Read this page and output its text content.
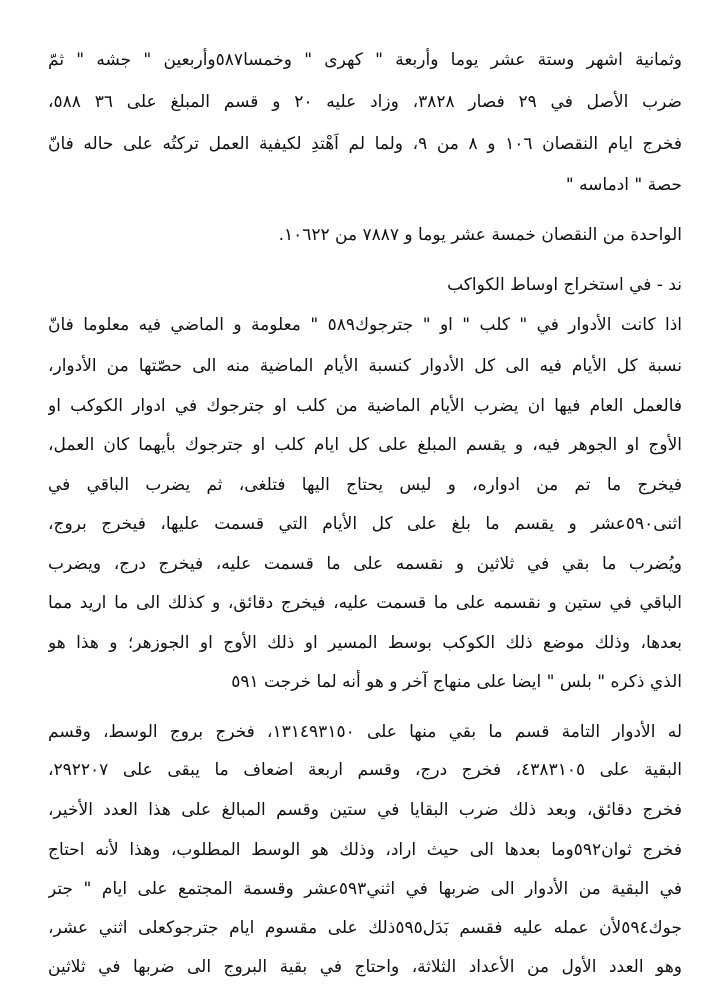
وثمانية اشهر وستة عشر يوما وأربعة " كهرى " وخمسا٥٨٧وأربعين " جشه " ثمّ
ضرب الأصل في ٢٩ فصار ٣٨٢٨، وزاد عليه ٢٠ و قسم المبلغ على ٣٦ ٥٨٨،
فخرج ايام النقصان ١٠٦ و ٨ من ٩، ولما لم اَهْتدِ لكيفية العمل تركتُه على حاله فانّ
حصة " ادماسه "
الواحدة من النقصان خمسة عشر يوما و ٧٨٨٧ من ١٠٦٢٢.
ند - في استخراج اوساط الكواكب
اذا كانت الأدوار في " كلب " او " جترجوك٥٨٩ " معلومة و الماضي فيه معلوما فانّ
نسبة كل الأيام فيه الى كل الأدوار كنسبة الأيام الماضية منه الى حصّتها من الأدوار،
فالعمل العام فيها ان يضرب الأيام الماضية من كلب او جترجوك في ادوار الكوكب او
الأوج او الجوهر فيه، و يقسم المبلغ على كل ايام كلب او جترجوك بأيهما كان العمل،
فيخرج ما تم من ادواره، و ليس يحتاج اليها فتلغى، ثم يضرب الباقي في
اثنى٥٩٠عشر و يقسم ما بلغ على كل الأيام التي قسمت عليها، فيخرج بروج،
ويُضرب ما بقي في ثلاثين و نقسمه على ما قسمت عليه، فيخرج درج، ويضرب
الباقي في ستين و نقسمه على ما قسمت عليه، فيخرج دقائق، و كذلك الى ما اريد مما
بعدها، وذلك موضع ذلك الكوكب بوسط المسير او ذلك الأوج او الجوزهر؛ و هذا هو
الذي ذكره " بلس " ايضا على منهاج آخر و هو أنه لما خرجت ٥٩١
له الأدوار التامة قسم ما بقي منها على ١٣١٤٩٣١٥٠، فخرج بروج الوسط، وقسم
البقية على ٤٣٨٣١٠٥، فخرج درج، وقسم اربعة اضعاف ما يبقى على ٢٩٢٢٠٧،
فخرج دقائق، وبعد ذلك ضرب البقايا في ستين وقسم المبالغ على هذا العدد الأخير،
فخرج ثوان٥٩٢وما بعدها الى حيث اراد، وذلك هو الوسط المطلوب، وهذا لأنه احتاج
في البقية من الأدوار الى ضربها في اثني٥٩٣عشر وقسمة المجتمع على ايام " جتر
جوك٥٩٤لأن عمله عليه فقسم بَدَل٥٩٥ذلك على مقسوم ايام جترجوكعلى اثني عشر،
وهو العدد الأول من الأعداد الثلاثة، واحتاج في بقية البروج الى ضربها في ثلاثين
